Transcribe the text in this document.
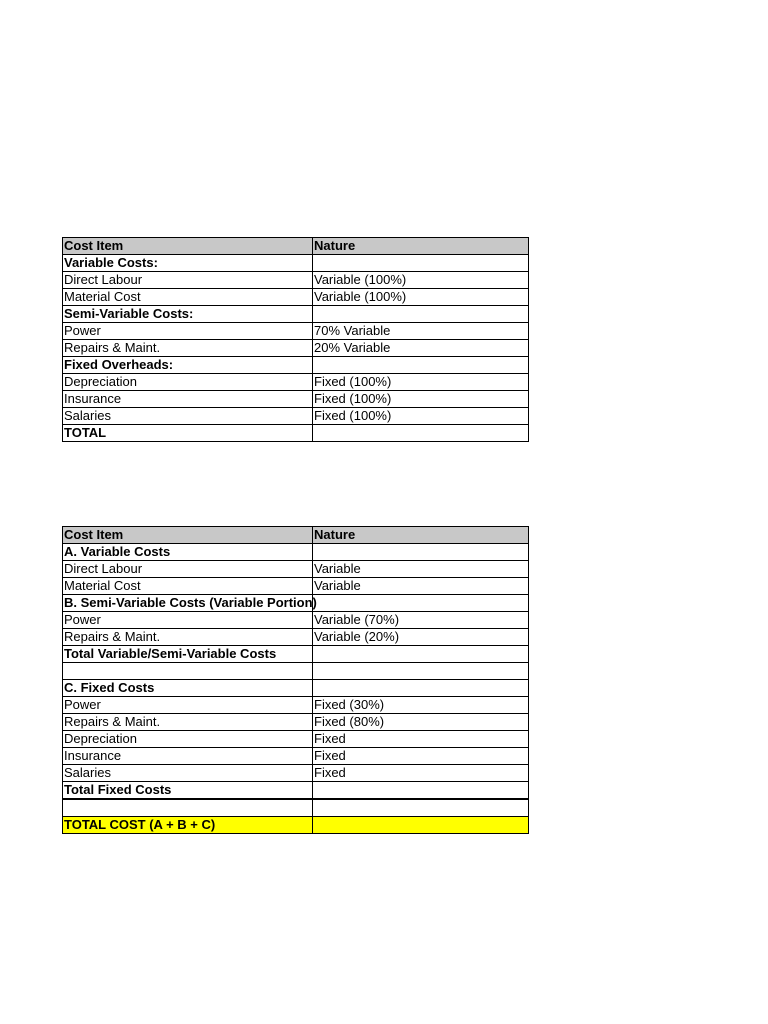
Cost Item	Nature
Variable Costs:	
Direct Labour	Variable (100%)
Material Cost	Variable (100%)
Semi-Variable Costs:	
Power	70% Variable
Repairs & Maint.	20% Variable
Fixed Overheads:	
Depreciation	Fixed (100%)
Insurance	Fixed (100%)
Salaries	Fixed (100%)
TOTAL	
Cost Item	Nature
A. Variable Costs	
Direct Labour	Variable
Material Cost	Variable
B. Semi-Variable Costs (Variable Portion)	
Power	Variable (70%)
Repairs & Maint.	Variable (20%)
Total Variable/Semi-Variable Costs	

C. Fixed Costs	
Power	Fixed (30%)
Repairs & Maint.	Fixed (80%)
Depreciation	Fixed
Insurance	Fixed
Salaries	Fixed
Total Fixed Costs	

TOTAL COST (A + B + C)	
